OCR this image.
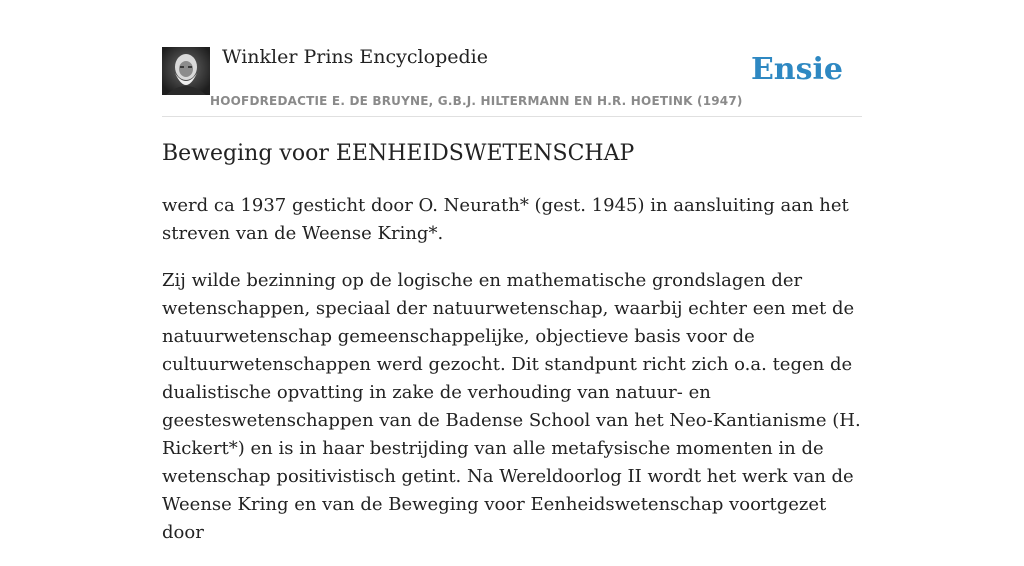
Winkler Prins Encyclopedie
HOOFDREDACTIE E. DE BRUYNE, G.B.J. HILTERMANN EN H.R. HOETINK (1947)
Ensie
Beweging voor EENHEIDSWETENSCHAP

werd ca 1937 gesticht door O. Neurath* (gest. 1945) in aansluiting aan het streven van de Weense Kring*.

Zij wilde bezinning op de logische en mathematische grondslagen der wetenschappen, speciaal der natuurwetenschap, waarbij echter een met de natuurwetenschap gemeenschappelijke, objectieve basis voor de cultuurwetenschappen werd gezocht. Dit standpunt richt zich o.a. tegen de dualistische opvatting in zake de verhouding van natuur- en geesteswetenschappen van de Badense School van het Neo-Kantianisme (H. Rickert*) en is in haar bestrijding van alle metafysische momenten in de wetenschap positivistisch getint. Na Wereldoorlog II wordt het werk van de Weense Kring en van de Beweging voor Eenheidswetenschap voortgezet door
